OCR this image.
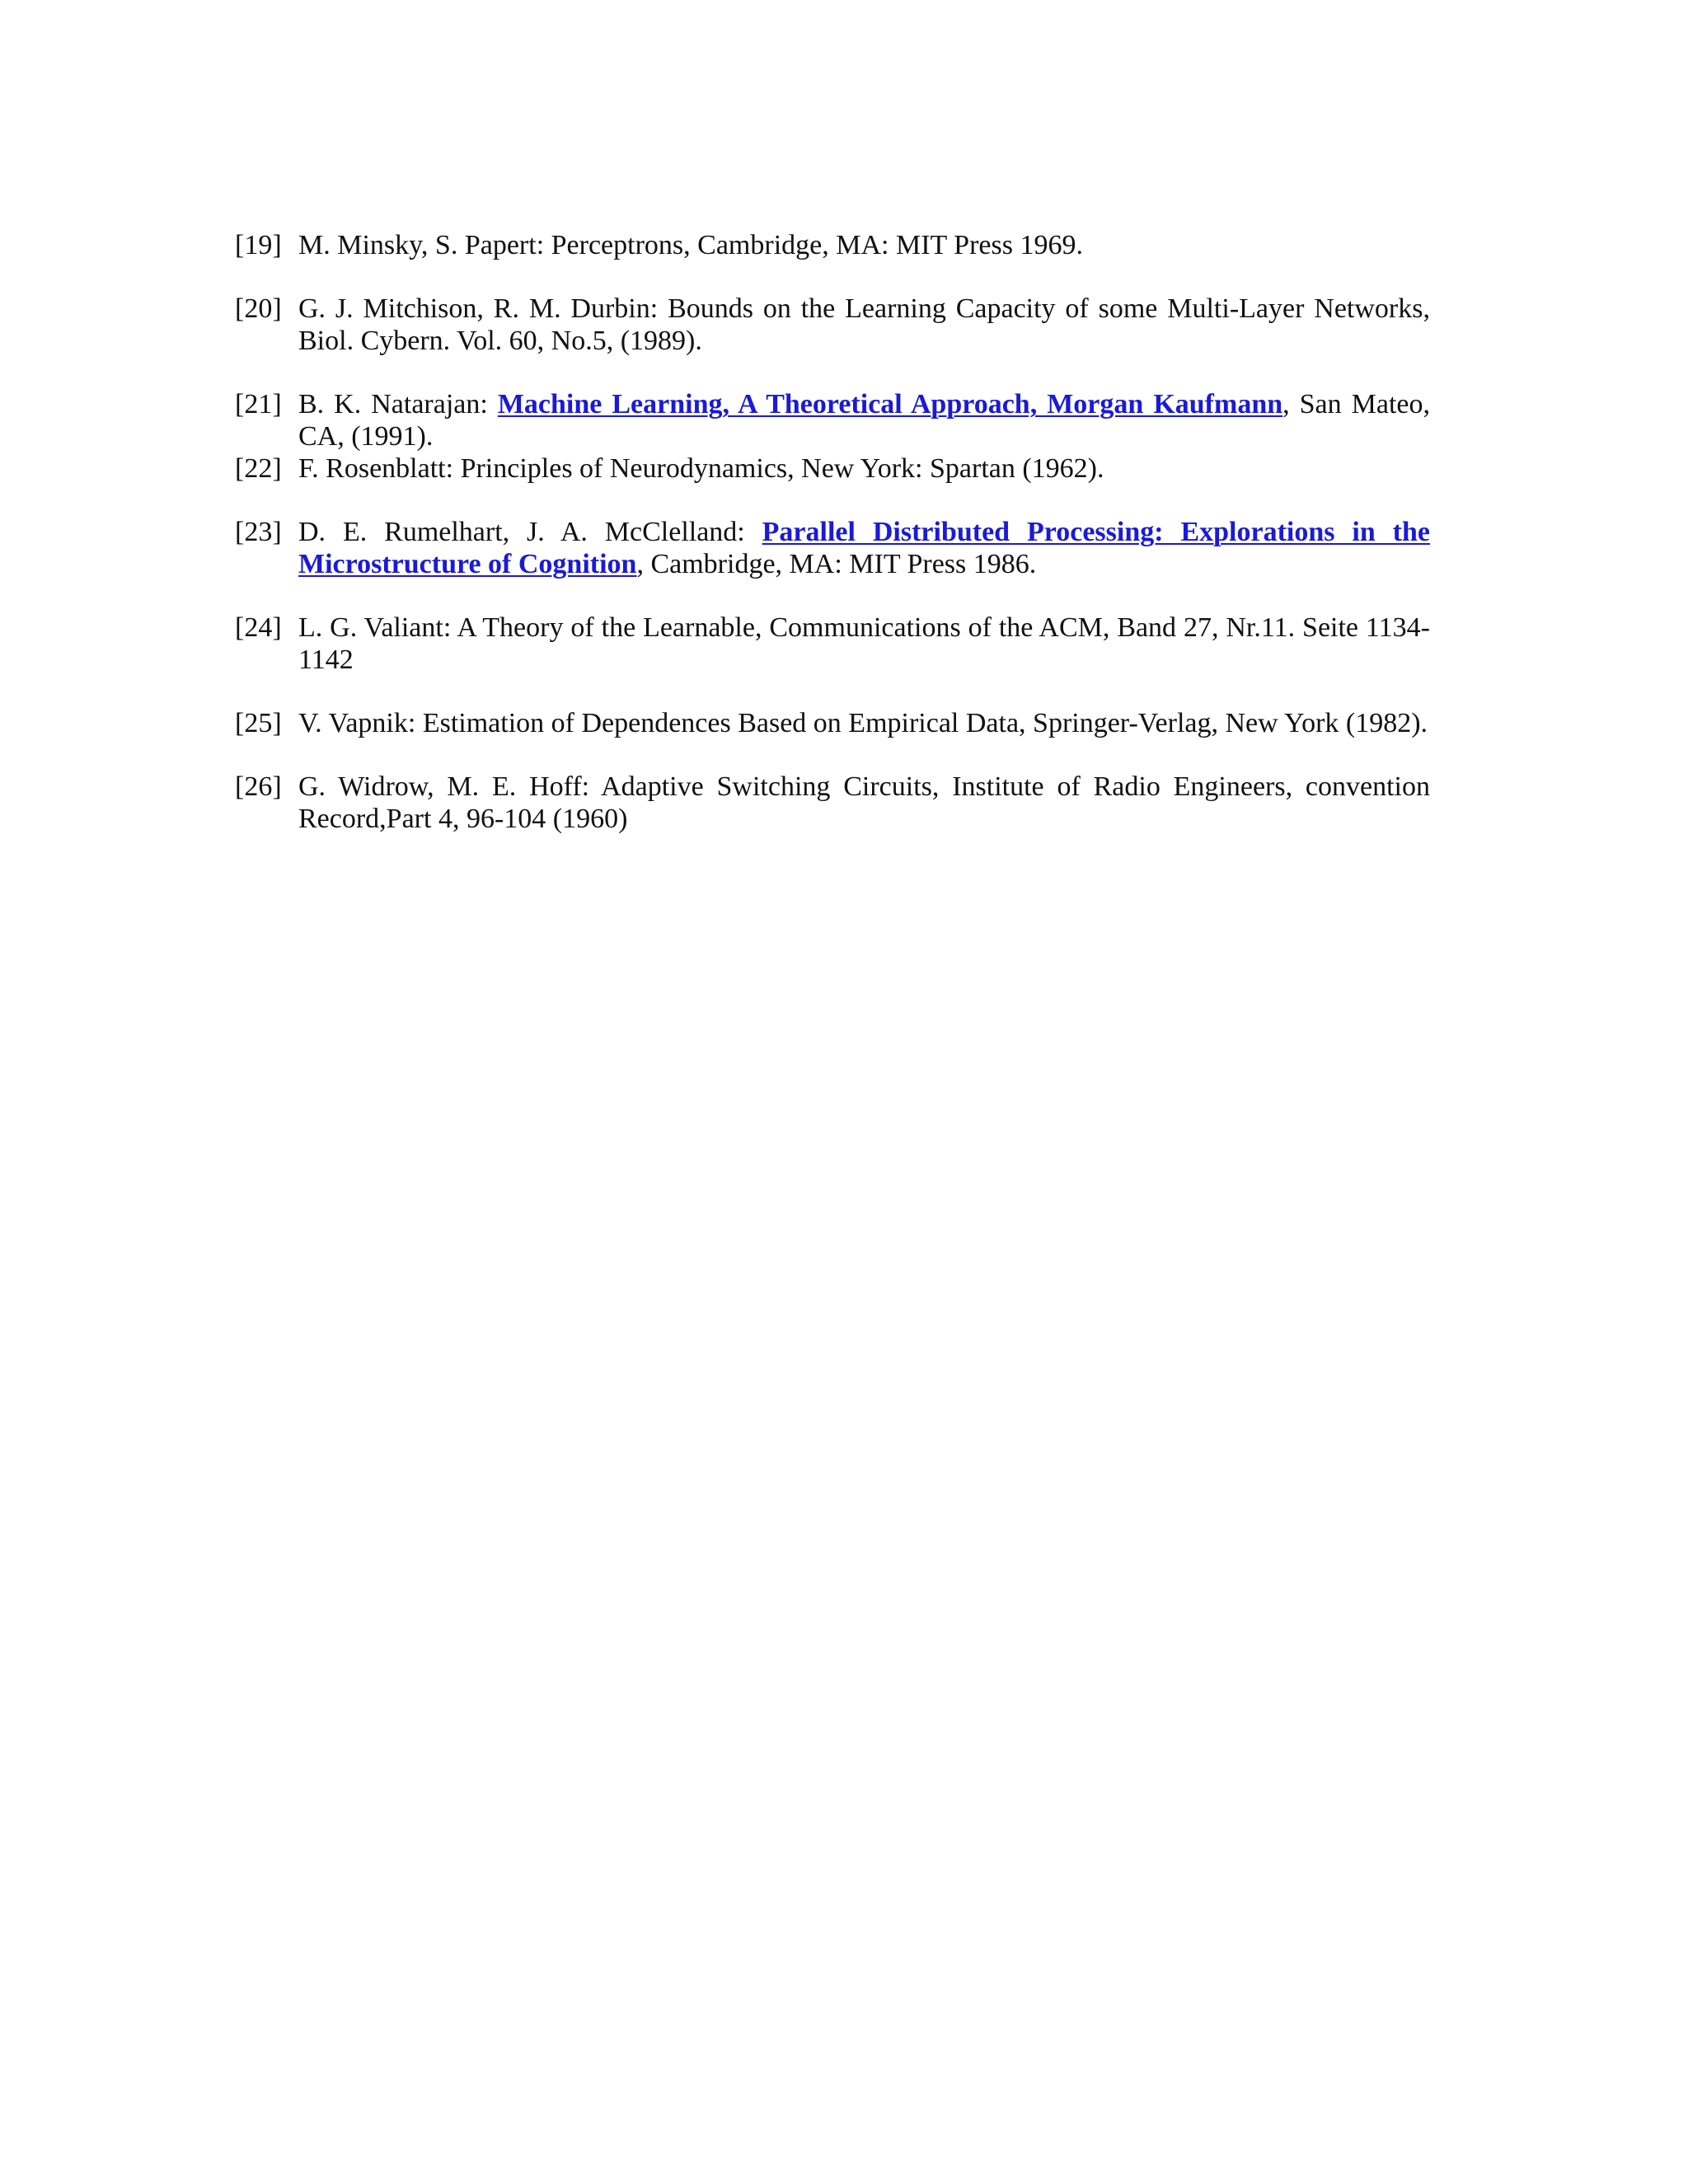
[19] M. Minsky, S. Papert: Perceptrons, Cambridge, MA: MIT Press 1969.

[20] G. J. Mitchison, R. M. Durbin: Bounds on the Learning Capacity of some Multi-Layer Networks, Biol. Cybern. Vol. 60, No.5, (1989).

[21] B. K. Natarajan: Machine Learning, A Theoretical Approach, Morgan Kaufmann, San Mateo, CA, (1991).

[22] F. Rosenblatt: Principles of Neurodynamics, New York: Spartan (1962).

[23] D. E. Rumelhart, J. A. McClelland: Parallel Distributed Processing: Explorations in the Microstructure of Cognition, Cambridge, MA: MIT Press 1986.

[24] L. G. Valiant: A Theory of the Learnable, Communications of the ACM, Band 27, Nr.11. Seite 1134-1142

[25] V. Vapnik: Estimation of Dependences Based on Empirical Data, Springer-Verlag, New York (1982).

[26] G. Widrow, M. E. Hoff: Adaptive Switching Circuits, Institute of Radio Engineers, convention Record,Part 4, 96-104 (1960)
